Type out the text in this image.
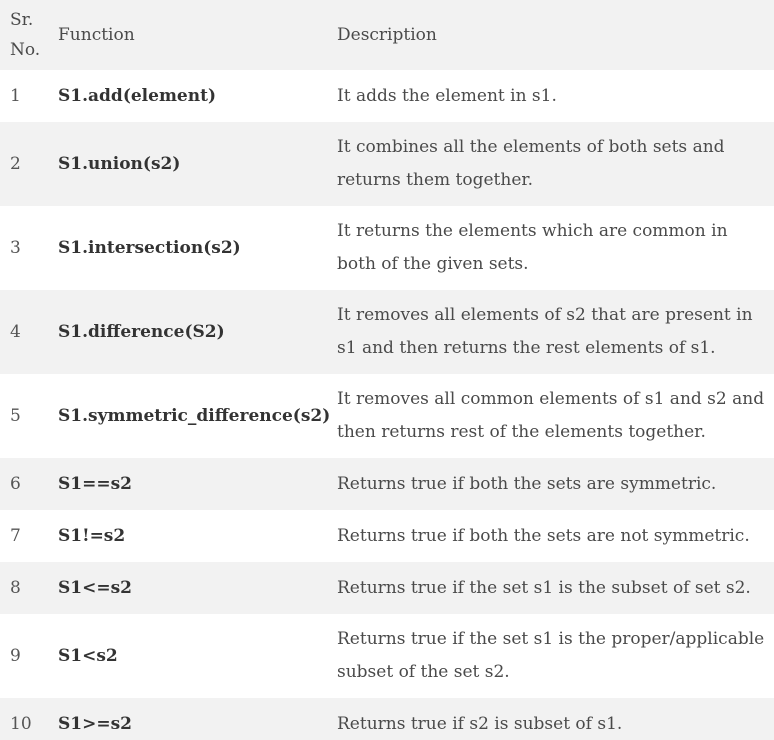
Sr. No.	Function	Description
1	S1.add(element)	It adds the element in s1.
2	S1.union(s2)	It combines all the elements of both sets and returns them together.
3	S1.intersection(s2)	It returns the elements which are common in both of the given sets.
4	S1.difference(S2)	It removes all elements of s2 that are present in s1 and then returns the rest elements of s1.
5	S1.symmetric_difference(s2)	It removes all common elements of s1 and s2 and then returns rest of the elements together.
6	S1==s2	Returns true if both the sets are symmetric.
7	S1!=s2	Returns true if both the sets are not symmetric.
8	S1<=s2	Returns true if the set s1 is the subset of set s2.
9	S1<s2	Returns true if the set s1 is the proper/applicable subset of the set s2.
10	S1>=s2	Returns true if s2 is subset of s1.
